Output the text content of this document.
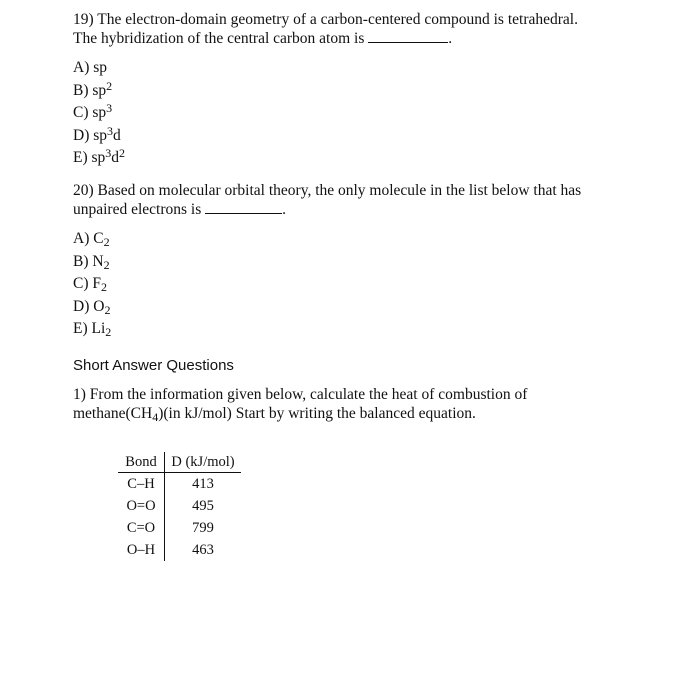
19) The electron-domain geometry of a carbon-centered compound is tetrahedral.
The hybridization of the central carbon atom is	.
A) sp
B) $sp^2$
C) $sp^3$
D) $sp^3d$
E) $sp^3d^2$
20) Based on molecular orbital theory, the only molecule in the list below that has
unpaired electrons is	.
A) $C_2$
B) $N_2$
C) $F_2$
D) $O_2$
E) $Li_2$
Short Answer Questions
1) From the information given below, calculate the heat of combustion of
$methane(CH_4)(in$ kJ/mol) Start by writing the balanced equation.
Bond	D (kJ/mol)
C–H	413
O=O	495
C=O	799
O–H	463
